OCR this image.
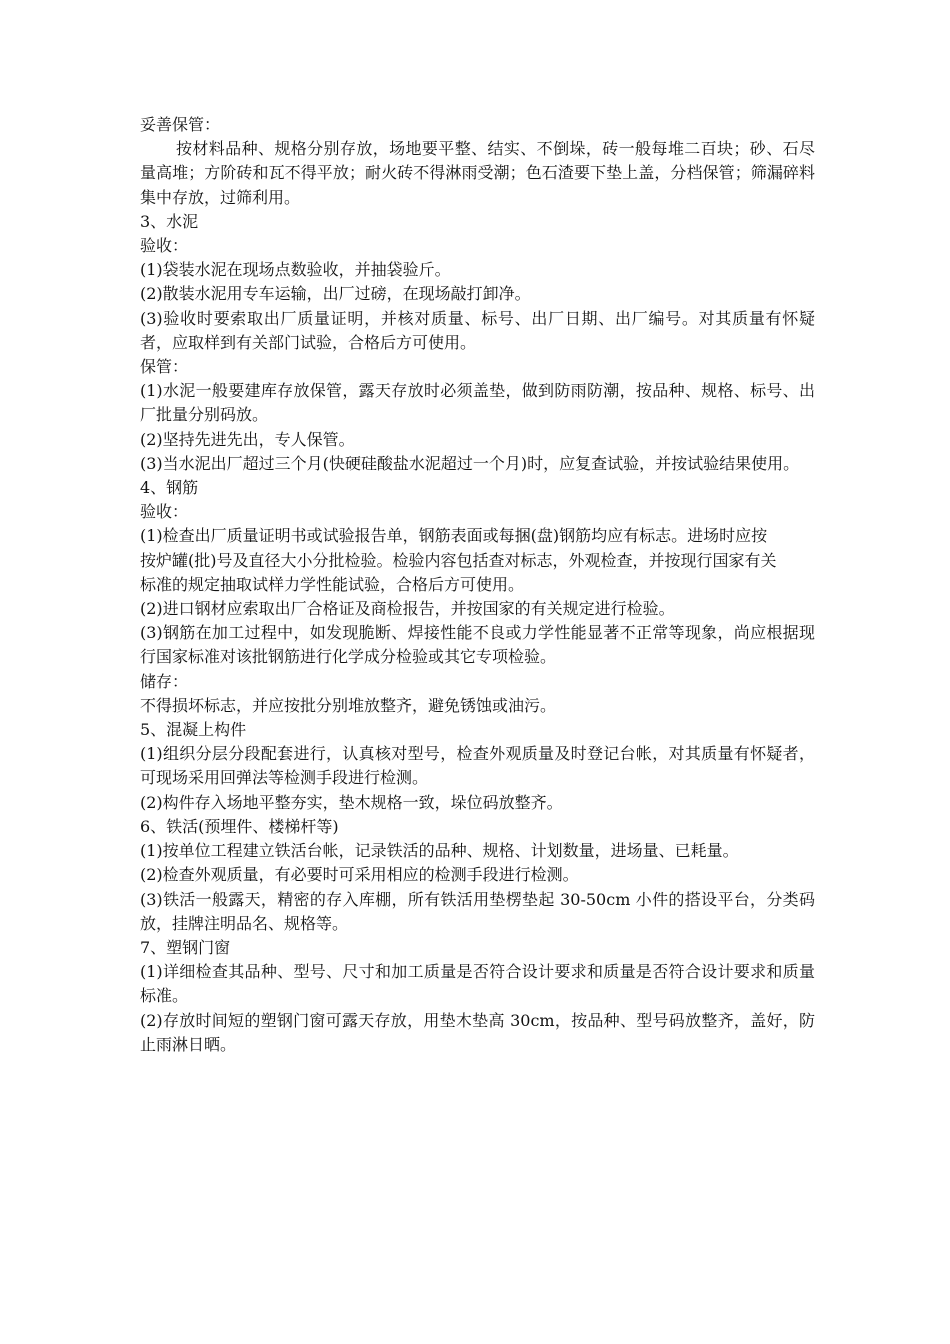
妥善保管：

按材料品种、规格分别存放，场地要平整、结实、不倒垛，砖一般每堆二百块；砂、石尽量高堆；方阶砖和瓦不得平放；耐火砖不得淋雨受潮；色石渣要下垫上盖，分档保管；筛漏碎料集中存放，过筛利用。

3、水泥

验收：

(1)袋装水泥在现场点数验收，并抽袋验斤。

(2)散装水泥用专车运输，出厂过磅，在现场敲打卸净。

(3)验收时要索取出厂质量证明，并核对质量、标号、出厂日期、出厂编号。对其质量有怀疑者，应取样到有关部门试验，合格后方可使用。

保管：

(1)水泥一般要建库存放保管，露天存放时必须盖垫，做到防雨防潮，按品种、规格、标号、出厂批量分别码放。

(2)坚持先进先出，专人保管。

(3)当水泥出厂超过三个月(快硬硅酸盐水泥超过一个月)时，应复查试验，并按试验结果使用。

4、钢筋

验收：

(1)检查出厂质量证明书或试验报告单，钢筋表面或每捆(盘)钢筋均应有标志。进场时应按

按炉罐(批)号及直径大小分批检验。检验内容包括查对标志，外观检查，并按现行国家有关

标准的规定抽取试样力学性能试验，合格后方可使用。

(2)进口钢材应索取出厂合格证及商检报告，并按国家的有关规定进行检验。

(3)钢筋在加工过程中，如发现脆断、焊接性能不良或力学性能显著不正常等现象，尚应根据现行国家标准对该批钢筋进行化学成分检验或其它专项检验。

储存：

不得损坏标志，并应按批分别堆放整齐，避免锈蚀或油污。

5、混凝上构件

(1)组织分层分段配套进行，认真核对型号，检查外观质量及时登记台帐，对其质量有怀疑者，可现场采用回弹法等检测手段进行检测。

(2)构件存入场地平整夯实，垫木规格一致，垛位码放整齐。

6、铁活(预埋件、楼梯杆等)

(1)按单位工程建立铁活台帐，记录铁活的品种、规格、计划数量，进场量、已耗量。

(2)检查外观质量，有必要时可采用相应的检测手段进行检测。

(3)铁活一般露天，精密的存入库棚，所有铁活用垫楞垫起 30-50cm 小件的搭设平台，分类码放，挂牌注明品名、规格等。

7、塑钢门窗

(1)详细检查其品种、型号、尺寸和加工质量是否符合设计要求和质量是否符合设计要求和质量标准。

(2)存放时间短的塑钢门窗可露天存放，用垫木垫高 30cm，按品种、型号码放整齐，盖好，防止雨淋日晒。
